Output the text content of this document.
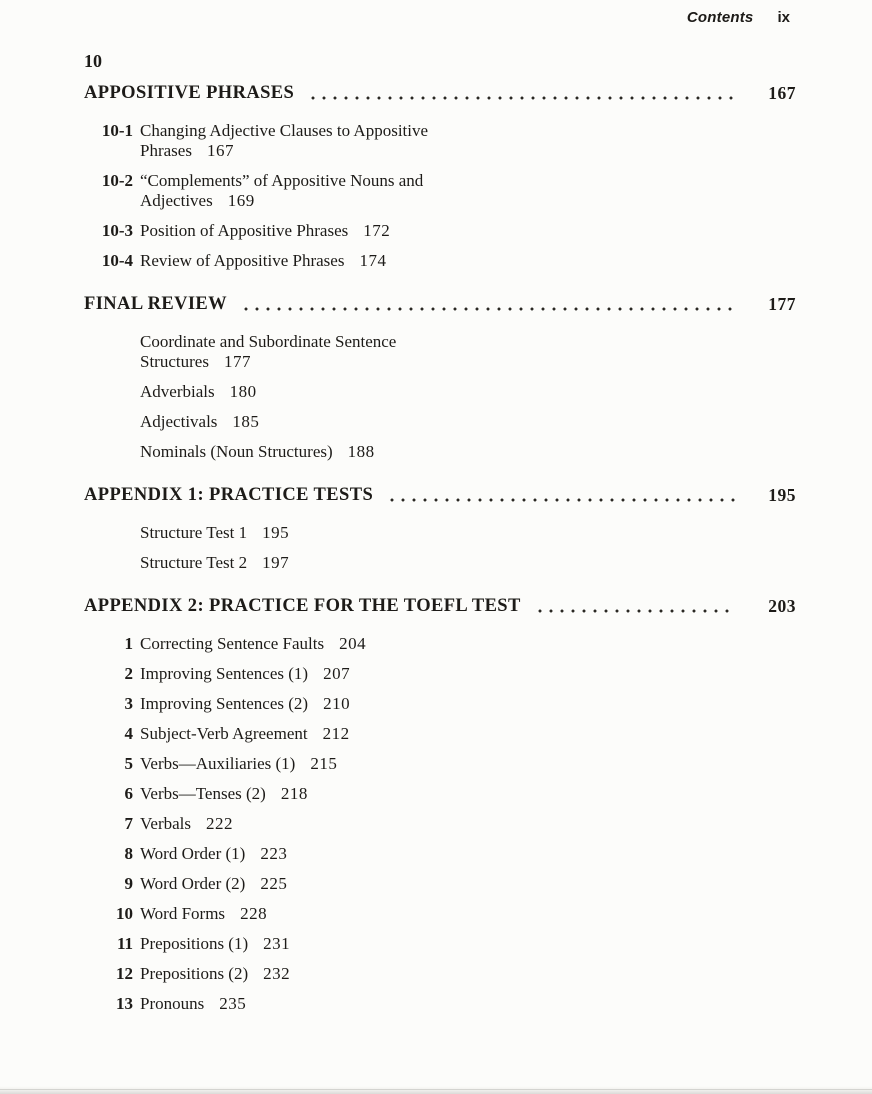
Contents ix
10
APPOSITIVE PHRASES	167
10-1 Changing Adjective Clauses to Appositive Phrases 167

10-2 “Complements” of Appositive Nouns and Adjectives 169

10-3 Position of Appositive Phrases 172

10-4 Review of Appositive Phrases 174

FINAL REVIEW	177

Coordinate and Subordinate Sentence Structures 177

Adverbials 180

Adjectivals 185

Nominals (Noun Structures) 188

APPENDIX 1: PRACTICE TESTS	195

Structure Test 1 195

Structure Test 2 197

APPENDIX 2: PRACTICE FOR THE TOEFL TEST	203
1 Correcting Sentence Faults 204

2 Improving Sentences (1) 207

3 Improving Sentences (2) 210

4 Subject-Verb Agreement 212

5 Verbs—Auxiliaries (1) 215

6 Verbs—Tenses (2) 218

7 Verbals 222

8 Word Order (1) 223

9 Word Order (2) 225

10 Word Forms 228

11 Prepositions (1) 231

12 Prepositions (2) 232

13 Pronouns 235
